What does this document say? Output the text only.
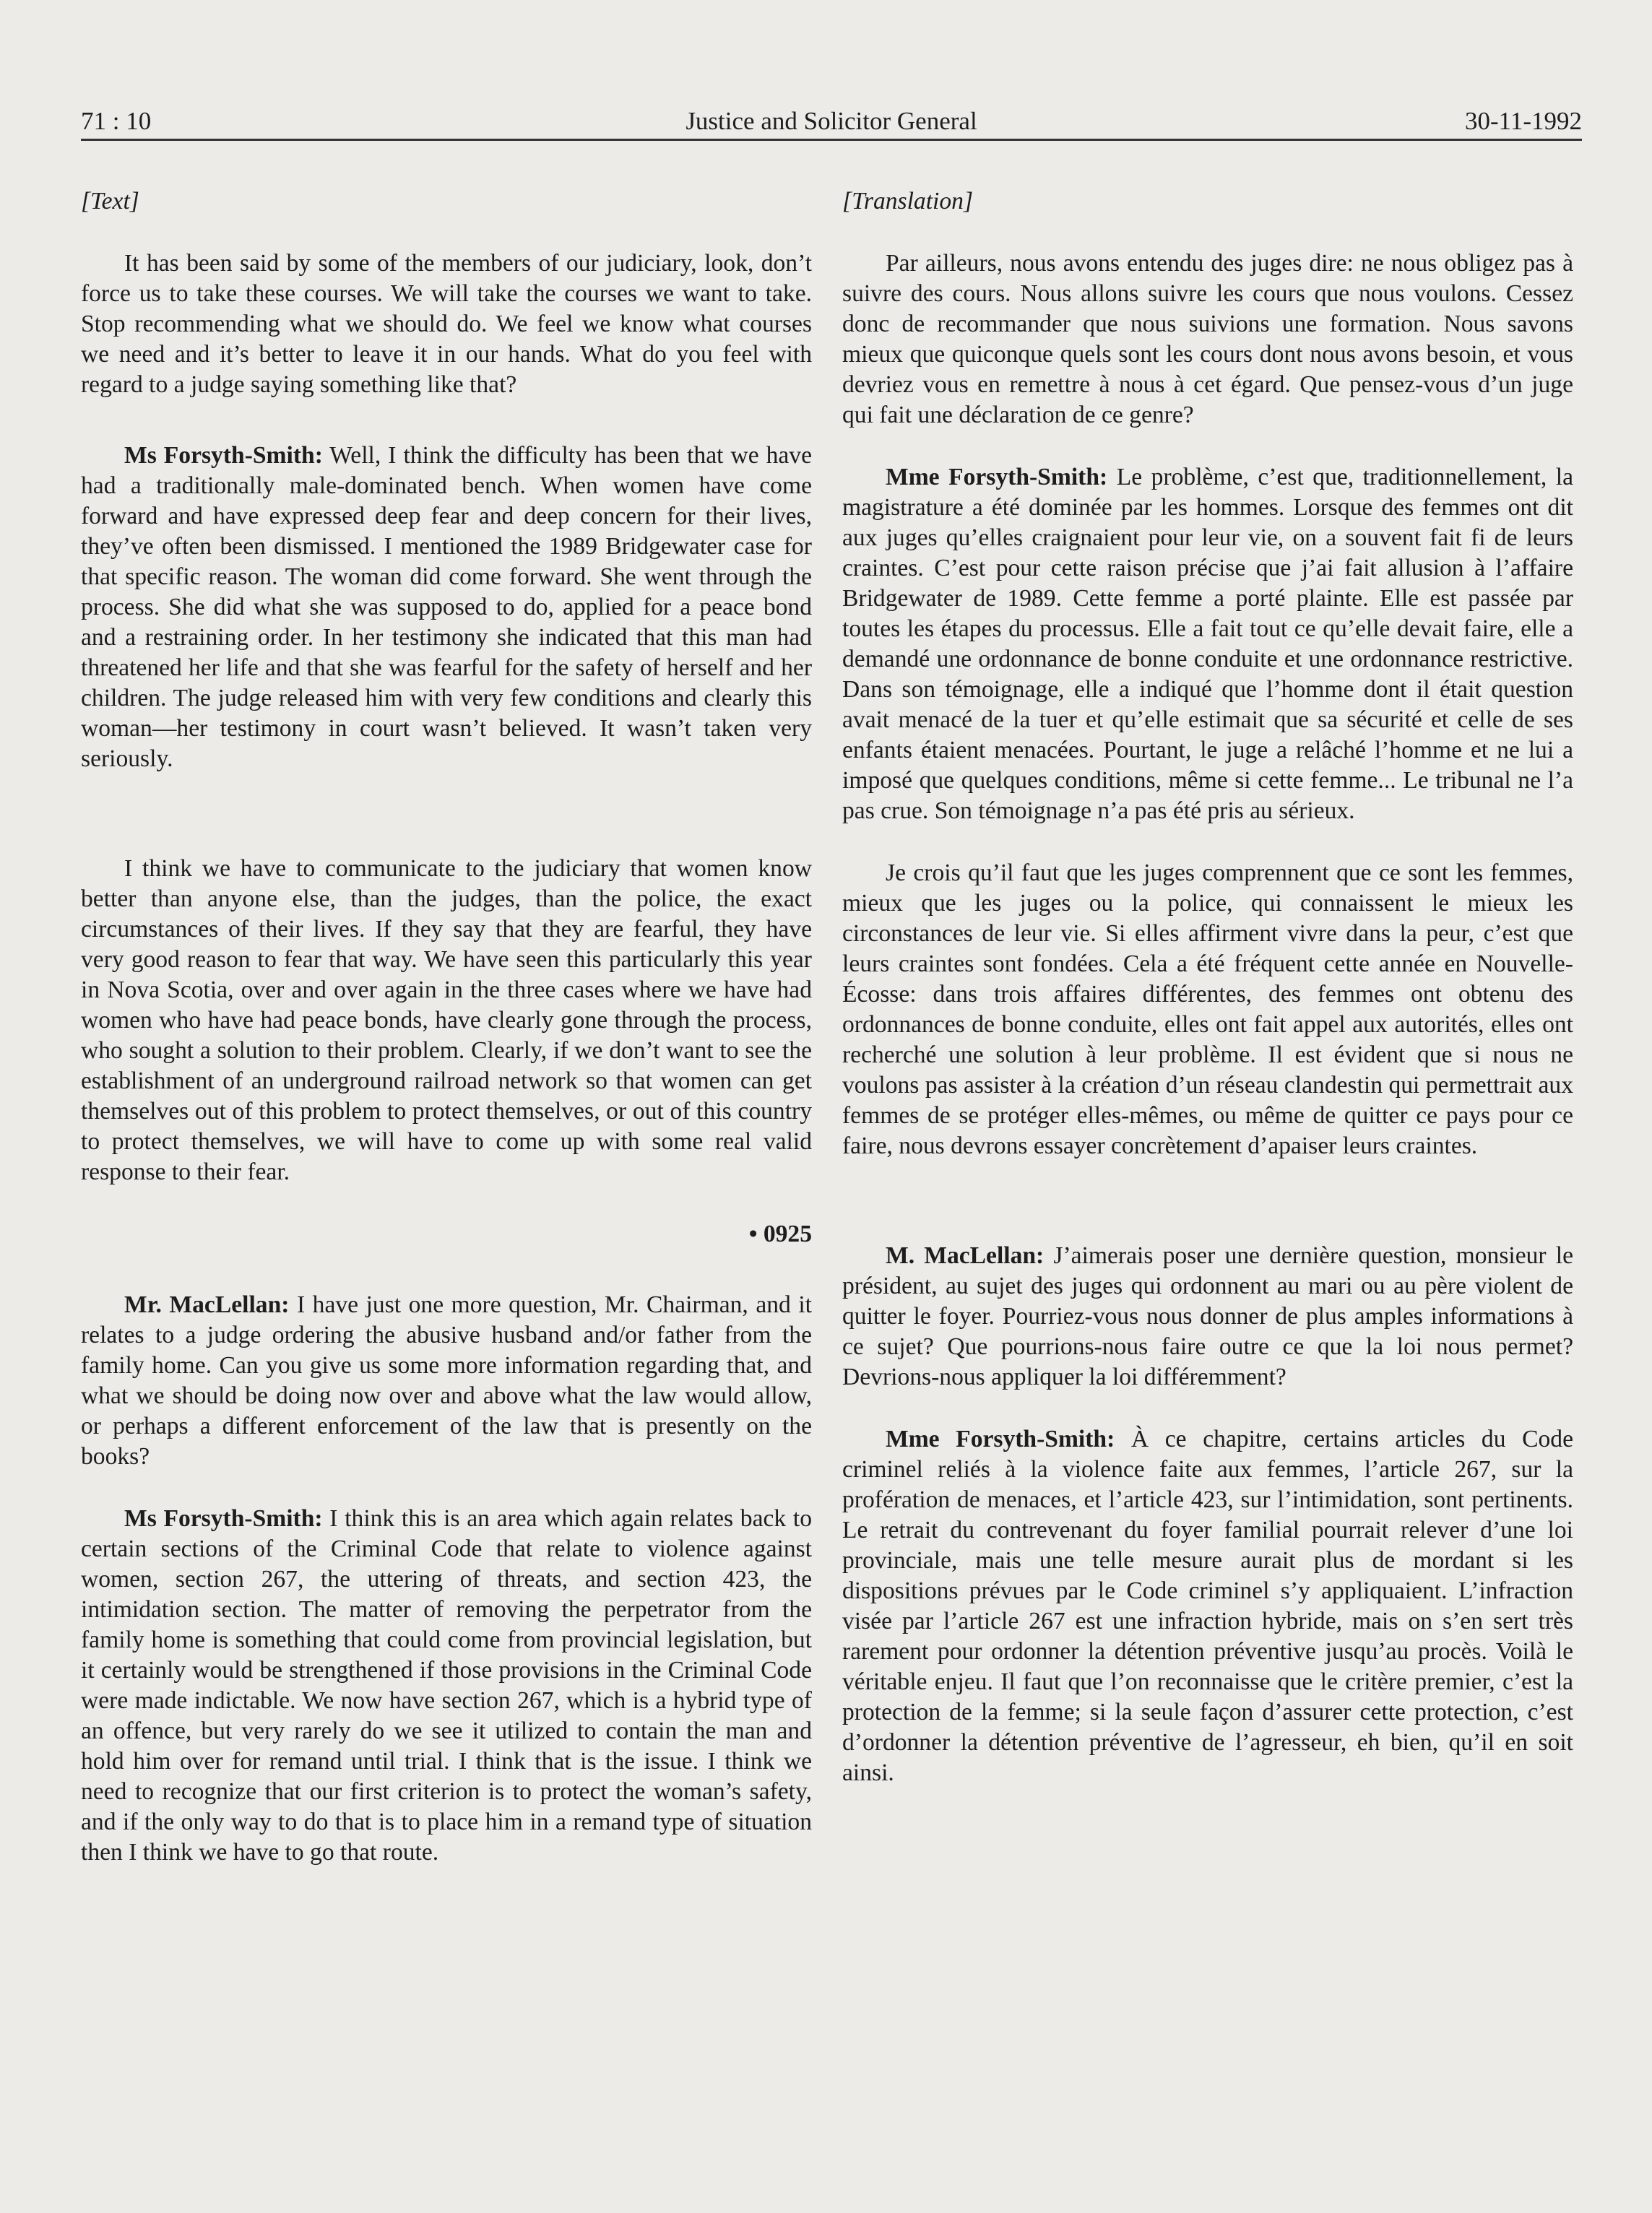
71 : 10	Justice and Solicitor General	30-11-1992
[Text]

It has been said by some of the members of our judiciary, look, don’t force us to take these courses. We will take the courses we want to take. Stop recommending what we should do. We feel we know what courses we need and it’s better to leave it in our hands. What do you feel with regard to a judge saying something like that?

Ms Forsyth-Smith: Well, I think the difficulty has been that we have had a traditionally male-dominated bench. When women have come forward and have expressed deep fear and deep concern for their lives, they’ve often been dismissed. I mentioned the 1989 Bridgewater case for that specific reason. The woman did come forward. She went through the process. She did what she was supposed to do, applied for a peace bond and a restraining order. In her testimony she indicated that this man had threatened her life and that she was fearful for the safety of herself and her children. The judge released him with very few conditions and clearly this woman—her testimony in court wasn’t believed. It wasn’t taken very seriously.

I think we have to communicate to the judiciary that women know better than anyone else, than the judges, than the police, the exact circumstances of their lives. If they say that they are fearful, they have very good reason to fear that way. We have seen this particularly this year in Nova Scotia, over and over again in the three cases where we have had women who have had peace bonds, have clearly gone through the process, who sought a solution to their problem. Clearly, if we don’t want to see the establishment of an underground railroad network so that women can get themselves out of this problem to protect themselves, or out of this country to protect themselves, we will have to come up with some real valid response to their fear.

• 0925

Mr. MacLellan: I have just one more question, Mr. Chairman, and it relates to a judge ordering the abusive husband and/or father from the family home. Can you give us some more information regarding that, and what we should be doing now over and above what the law would allow, or perhaps a different enforcement of the law that is presently on the books?

Ms Forsyth-Smith: I think this is an area which again relates back to certain sections of the Criminal Code that relate to violence against women, section 267, the uttering of threats, and section 423, the intimidation section. The matter of removing the perpetrator from the family home is something that could come from provincial legislation, but it certainly would be strengthened if those provisions in the Criminal Code were made indictable. We now have section 267, which is a hybrid type of an offence, but very rarely do we see it utilized to contain the man and hold him over for remand until trial. I think that is the issue. I think we need to recognize that our first criterion is to protect the woman’s safety, and if the only way to do that is to place him in a remand type of situation then I think we have to go that route.

[Translation]

Par ailleurs, nous avons entendu des juges dire: ne nous obligez pas à suivre des cours. Nous allons suivre les cours que nous voulons. Cessez donc de recommander que nous suivions une formation. Nous savons mieux que quiconque quels sont les cours dont nous avons besoin, et vous devriez vous en remettre à nous à cet égard. Que pensez-vous d’un juge qui fait une déclaration de ce genre?

Mme Forsyth-Smith: Le problème, c’est que, traditionnellement, la magistrature a été dominée par les hommes. Lorsque des femmes ont dit aux juges qu’elles craignaient pour leur vie, on a souvent fait fi de leurs craintes. C’est pour cette raison précise que j’ai fait allusion à l’affaire Bridgewater de 1989. Cette femme a porté plainte. Elle est passée par toutes les étapes du processus. Elle a fait tout ce qu’elle devait faire, elle a demandé une ordonnance de bonne conduite et une ordonnance restrictive. Dans son témoignage, elle a indiqué que l’homme dont il était question avait menacé de la tuer et qu’elle estimait que sa sécurité et celle de ses enfants étaient menacées. Pourtant, le juge a relâché l’homme et ne lui a imposé que quelques conditions, même si cette femme... Le tribunal ne l’a pas crue. Son témoignage n’a pas été pris au sérieux.

Je crois qu’il faut que les juges comprennent que ce sont les femmes, mieux que les juges ou la police, qui connaissent le mieux les circonstances de leur vie. Si elles affirment vivre dans la peur, c’est que leurs craintes sont fondées. Cela a été fréquent cette année en Nouvelle-Écosse: dans trois affaires différentes, des femmes ont obtenu des ordonnances de bonne conduite, elles ont fait appel aux autorités, elles ont recherché une solution à leur problème. Il est évident que si nous ne voulons pas assister à la création d’un réseau clandestin qui permettrait aux femmes de se protéger elles-mêmes, ou même de quitter ce pays pour ce faire, nous devrons essayer concrètement d’apaiser leurs craintes.

M. MacLellan: J’aimerais poser une dernière question, monsieur le président, au sujet des juges qui ordonnent au mari ou au père violent de quitter le foyer. Pourriez-vous nous donner de plus amples informations à ce sujet? Que pourrions-nous faire outre ce que la loi nous permet? Devrions-nous appliquer la loi différemment?

Mme Forsyth-Smith: À ce chapitre, certains articles du Code criminel reliés à la violence faite aux femmes, l’article 267, sur la profération de menaces, et l’article 423, sur l’intimidation, sont pertinents. Le retrait du contrevenant du foyer familial pourrait relever d’une loi provinciale, mais une telle mesure aurait plus de mordant si les dispositions prévues par le Code criminel s’y appliquaient. L’infraction visée par l’article 267 est une infraction hybride, mais on s’en sert très rarement pour ordonner la détention préventive jusqu’au procès. Voilà le véritable enjeu. Il faut que l’on reconnaisse que le critère premier, c’est la protection de la femme; si la seule façon d’assurer cette protection, c’est d’ordonner la détention préventive de l’agresseur, eh bien, qu’il en soit ainsi.
